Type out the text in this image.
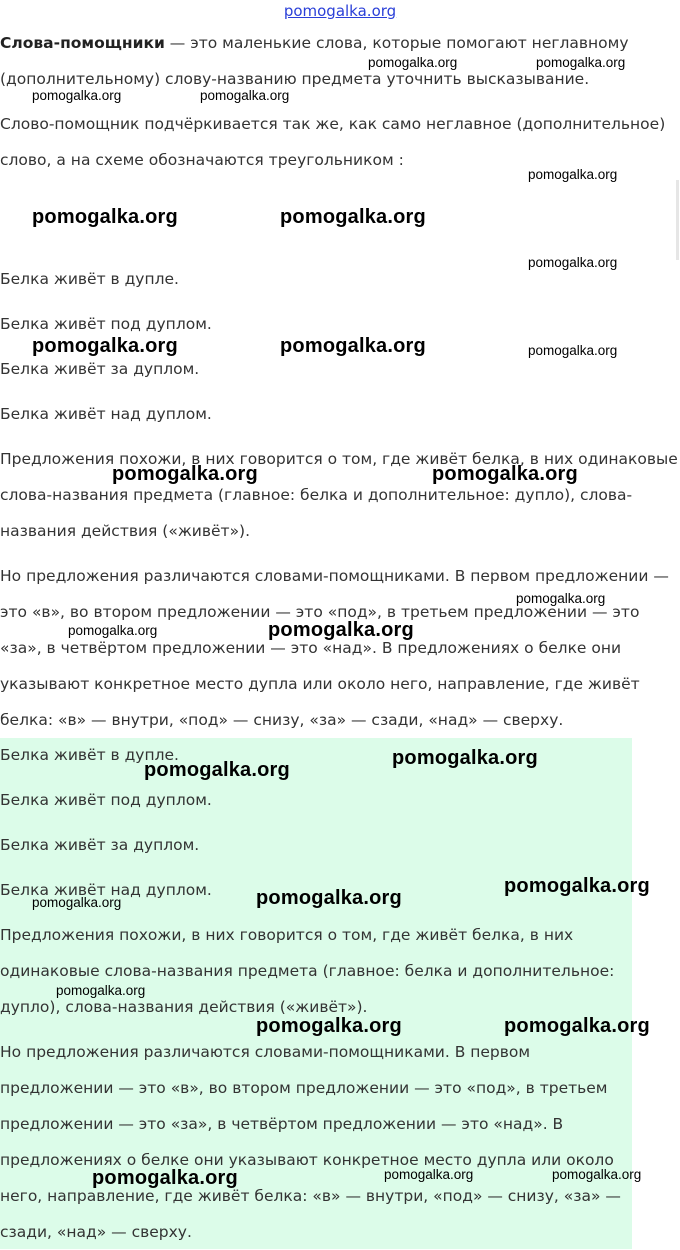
pomogalka.org

Слова-помощники — это маленькие слова, которые помогают неглавному (дополнительному) слову-названию предмета уточнить высказывание.

Слово-помощник подчёркивается так же, как само неглавное (дополнительное) слово, а на схеме обозначаются треугольником :

Белка живёт в дупле.

Белка живёт под дуплом.

Белка живёт за дуплом.

Белка живёт над дуплом.

Предложения похожи, в них говорится о том, где живёт белка, в них одинаковые слова-названия предмета (главное: белка и дополнительное: дупло), слова-названия действия («живёт»).

Но предложения различаются словами-помощниками. В первом предложении — это «в», во втором предложении — это «под», в третьем предложении — это «за», в четвёртом предложении — это «над». В предложениях о белке они указывают конкретное место дупла или около него, направление, где живёт белка: «в» — внутри, «под» — снизу, «за» — сзади, «над» — сверху.

Белка живёт в дупле.

Белка живёт под дуплом.

Белка живёт за дуплом.

Белка живёт над дуплом.

Предложения похожи, в них говорится о том, где живёт белка, в них одинаковые слова-названия предмета (главное: белка и дополнительное: дупло), слова-названия действия («живёт»).

Но предложения различаются словами-помощниками. В первом предложении — это «в», во втором предложении — это «под», в третьем предложении — это «за», в четвёртом предложении — это «над». В предложениях о белке они указывают конкретное место дупла или около него, направление, где живёт белка: «в» — внутри, «под» — снизу, «за» — сзади, «над» — сверху.

pomogalka.org	pomogalka.org
pomogalka.org	pomogalka.org
pomogalka.org
pomogalka.org	pomogalka.org
pomogalka.org
pomogalka.org	pomogalka.org	pomogalka.org
pomogalka.org	pomogalka.org
pomogalka.org
pomogalka.org	pomogalka.org
pomogalka.org
pomogalka.org
pomogalka.org
pomogalka.org
pomogalka.org
pomogalka.org
pomogalka.org	pomogalka.org
pomogalka.org	pomogalka.org	pomogalka.org
